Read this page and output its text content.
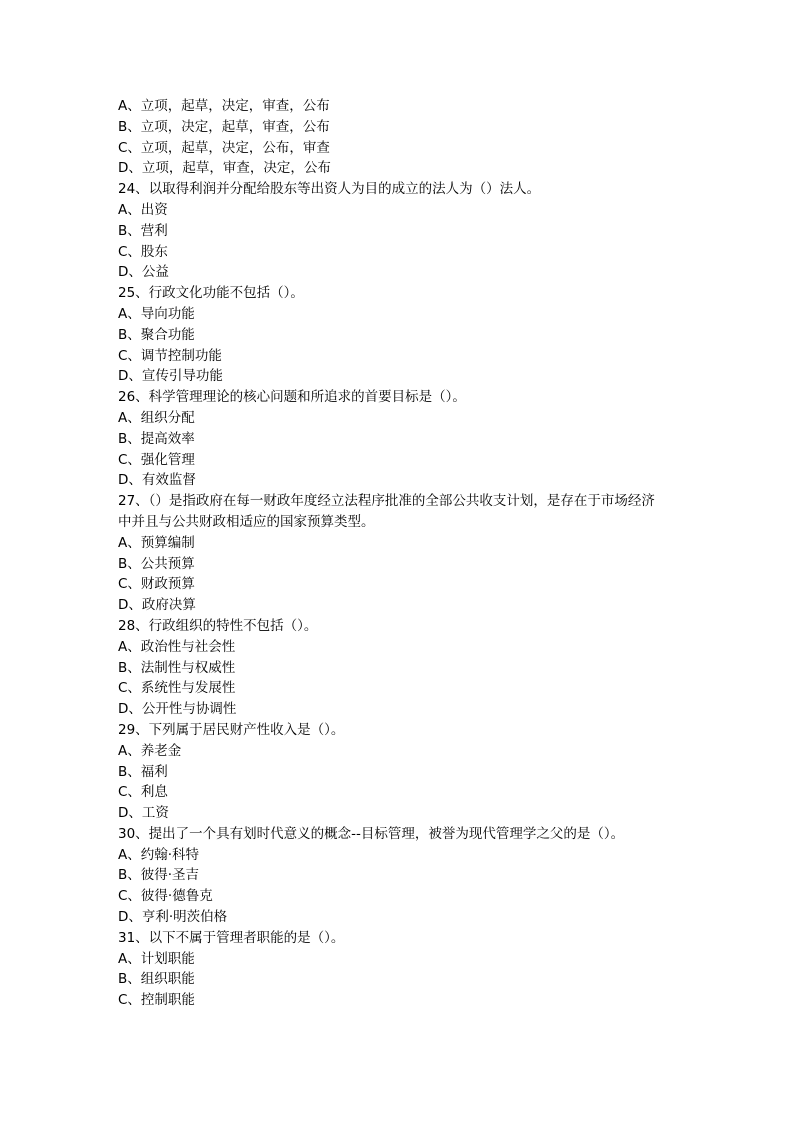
A、立项，起草，决定，审查，公布
B、立项，决定，起草，审查，公布
C、立项，起草，决定，公布，审查
D、立项，起草，审查，决定，公布
24、以取得利润并分配给股东等出资人为目的成立的法人为（）法人。
A、出资
B、营利
C、股东
D、公益
25、行政文化功能不包括（）。
A、导向功能
B、聚合功能
C、调节控制功能
D、宣传引导功能
26、科学管理理论的核心问题和所追求的首要目标是（）。
A、组织分配
B、提高效率
C、强化管理
D、有效监督
27、（）是指政府在每一财政年度经立法程序批准的全部公共收支计划，是存在于市场经济
中并且与公共财政相适应的国家预算类型。
A、预算编制
B、公共预算
C、财政预算
D、政府决算
28、行政组织的特性不包括（）。
A、政治性与社会性
B、法制性与权威性
C、系统性与发展性
D、公开性与协调性
29、下列属于居民财产性收入是（）。
A、养老金
B、福利
C、利息
D、工资
30、提出了一个具有划时代意义的概念--目标管理，被誉为现代管理学之父的是（）。
A、约翰·科特
B、彼得·圣吉
C、彼得·德鲁克
D、亨利·明茨伯格
31、以下不属于管理者职能的是（）。
A、计划职能
B、组织职能
C、控制职能
